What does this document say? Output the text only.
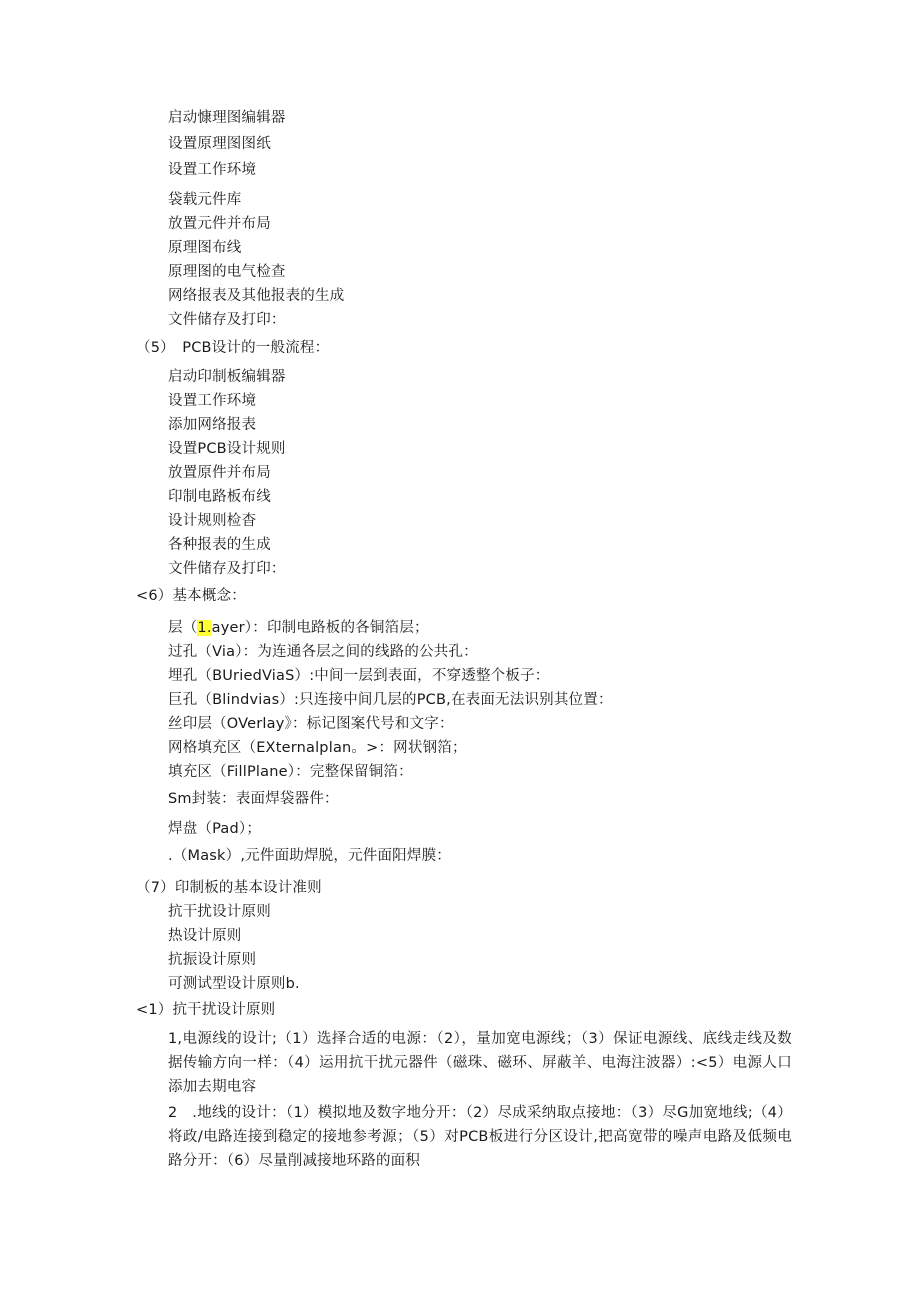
启动慷理图编辑器
设置原理图图纸
设置工作环境
袋载元件库
放置元件并布局
原理图布线
原理图的电气检查
网络报表及其他报表的生成
文件储存及打印：
（5）　PCB设计的一般流程：
启动印制板编辑器
设置工作环境
添加网络报表
设置PCB设计规则
放置原件并布局
印制电路板布线
设计规则检杳
各种报表的生成
文件储存及打印：
<6）基本概念：
层（1.ayer）：印制电路板的各铜箔层；
过孔（Via）：为连通各层之间的线路的公共孔：
埋孔（BUriedViaS）:中间一层到表面，不穿透整个板子：
巨孔（Blindvias）:只连接中间几层的PCB,在表面无法识别其位置：
丝印层（OVerlay》：标记图案代号和文字：
网格填充区（EXternalplan。>：网状钢箔；
填充区（FillPlane）：完整保留铜箔：
Sm封装：表面焊袋器件：
焊盘（Pad）；
.（Mask）,元件面助焊脱，元件面阳焊膜：
（7）印制板的基本设计准则
抗干扰设计原则
热设计原则
抗振设计原则
可测试型设计原则b.
<1）抗干扰设计原则
1,电源线的设计;（1）选择合适的电源：（2），量加宽电源线；（3）保证电源线、底线走线及数据传输方向一样：（4）运用抗干扰元器件（磁珠、磁环、屏蔽羊、电海注波器）:<5）电源人口添加去期电容
2　.地线的设计：（1）模拟地及数字地分开：（2）尽成采纳取点接地：（3）尽G加宽地线;（4）将政/电路连接到稳定的接地参考源；（5）对PCB板进行分区设计,把高宽带的噪声电路及低频电路分开：（6）尽量削减接地环路的面积
